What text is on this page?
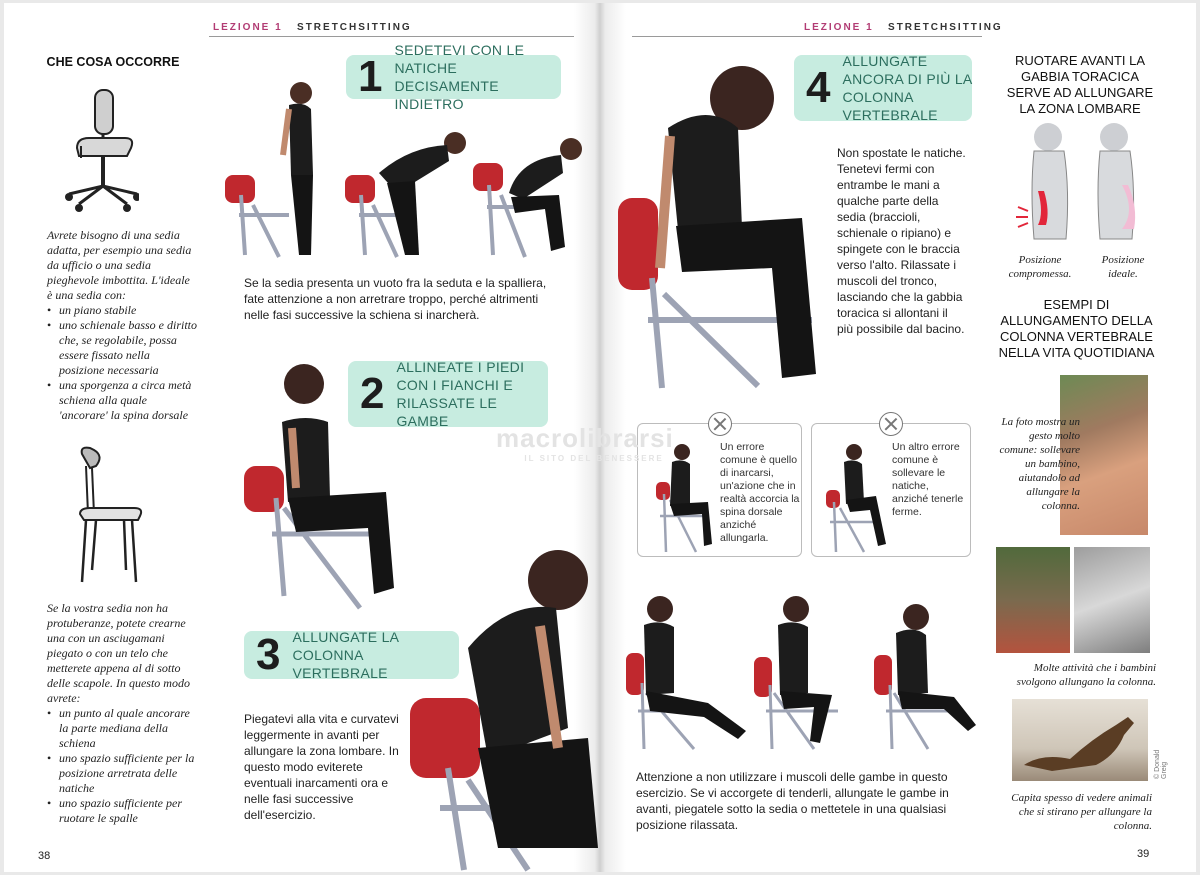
LEZIONE 1 STRETCHSITTING
CHE COSA OCCORRE

Avrete bisogno di una sedia adatta, per esempio una sedia da ufficio o una sedia pieghevole imbottita. L'ideale è una sedia con:

• un piano stabile
• uno schienale basso e diritto che, se regolabile, possa essere fissato nella posizione necessaria
• una sporgenza a circa metà schiena alla quale 'ancorare' la spina dorsale

Se la vostra sedia non ha protuberanze, potete crearne una con un asciugamani piegato o con un telo che metterete appena al di sotto delle scapole. In questo modo avrete:

• un punto al quale ancorare la parte mediana della schiena
• uno spazio sufficiente per la posizione arretrata delle natiche
• uno spazio sufficiente per ruotare le spalle
1
SEDETEVI CON LE NATICHE DECISAMENTE INDIETRO
Se la sedia presenta un vuoto fra la seduta e la spalliera, fate attenzione a non arretrare troppo, perché altrimenti nelle fasi successive la schiena si inarcherà.
2
ALLINEATE I PIEDI CON I FIANCHI E RILASSATE LE GAMBE
3 ALLUNGATE LA COLONNA VERTEBRALE
Piegatevi alla vita e curvatevi leggermente in avanti per allungare la zona lombare. In questo modo eviterete eventuali inarcamenti ora e nelle fasi successive dell'esercizio.
38
LEZIONE 1 STRETCHSITTING
4
ALLUNGATE ANCORA DI PIÙ LA COLONNA VERTEBRALE
Non spostate le natiche. Tenetevi fermi con entrambe le mani a qualche parte della sedia (braccioli, schienale o ripiano) e spingete con le braccia verso l'alto. Rilassate i muscoli del tronco, lasciando che la gabbia toracica si allontani il più possibile dal bacino.
Un errore comune è quello di inarcarsi, un'azione che in realtà accorcia la spina dorsale anziché allungarla.
Un altro errore comune è sollevare le natiche, anziché tenerle ferme.
Attenzione a non utilizzare i muscoli delle gambe in questo esercizio. Se vi accorgete di tenderli, allungate le gambe in avanti, piegatele sotto la sedia o mettetele in una qualsiasi posizione rilassata.
RUOTARE AVANTI LA GABBIA TORACICA SERVE AD ALLUNGARE LA ZONA LOMBARE
Posizione compromessa.
Posizione ideale.
ESEMPI DI ALLUNGAMENTO DELLA COLONNA VERTEBRALE NELLA VITA QUOTIDIANA
La foto mostra un gesto molto comune: sollevare un bambino, aiutandolo ad allungare la colonna.
Molte attività che i bambini svolgono allungano la colonna.
© Donald Greig
Capita spesso di vedere animali che si stirano per allungare la colonna.
39
macrolibrarsi
IL SITO DEL BENESSERE
